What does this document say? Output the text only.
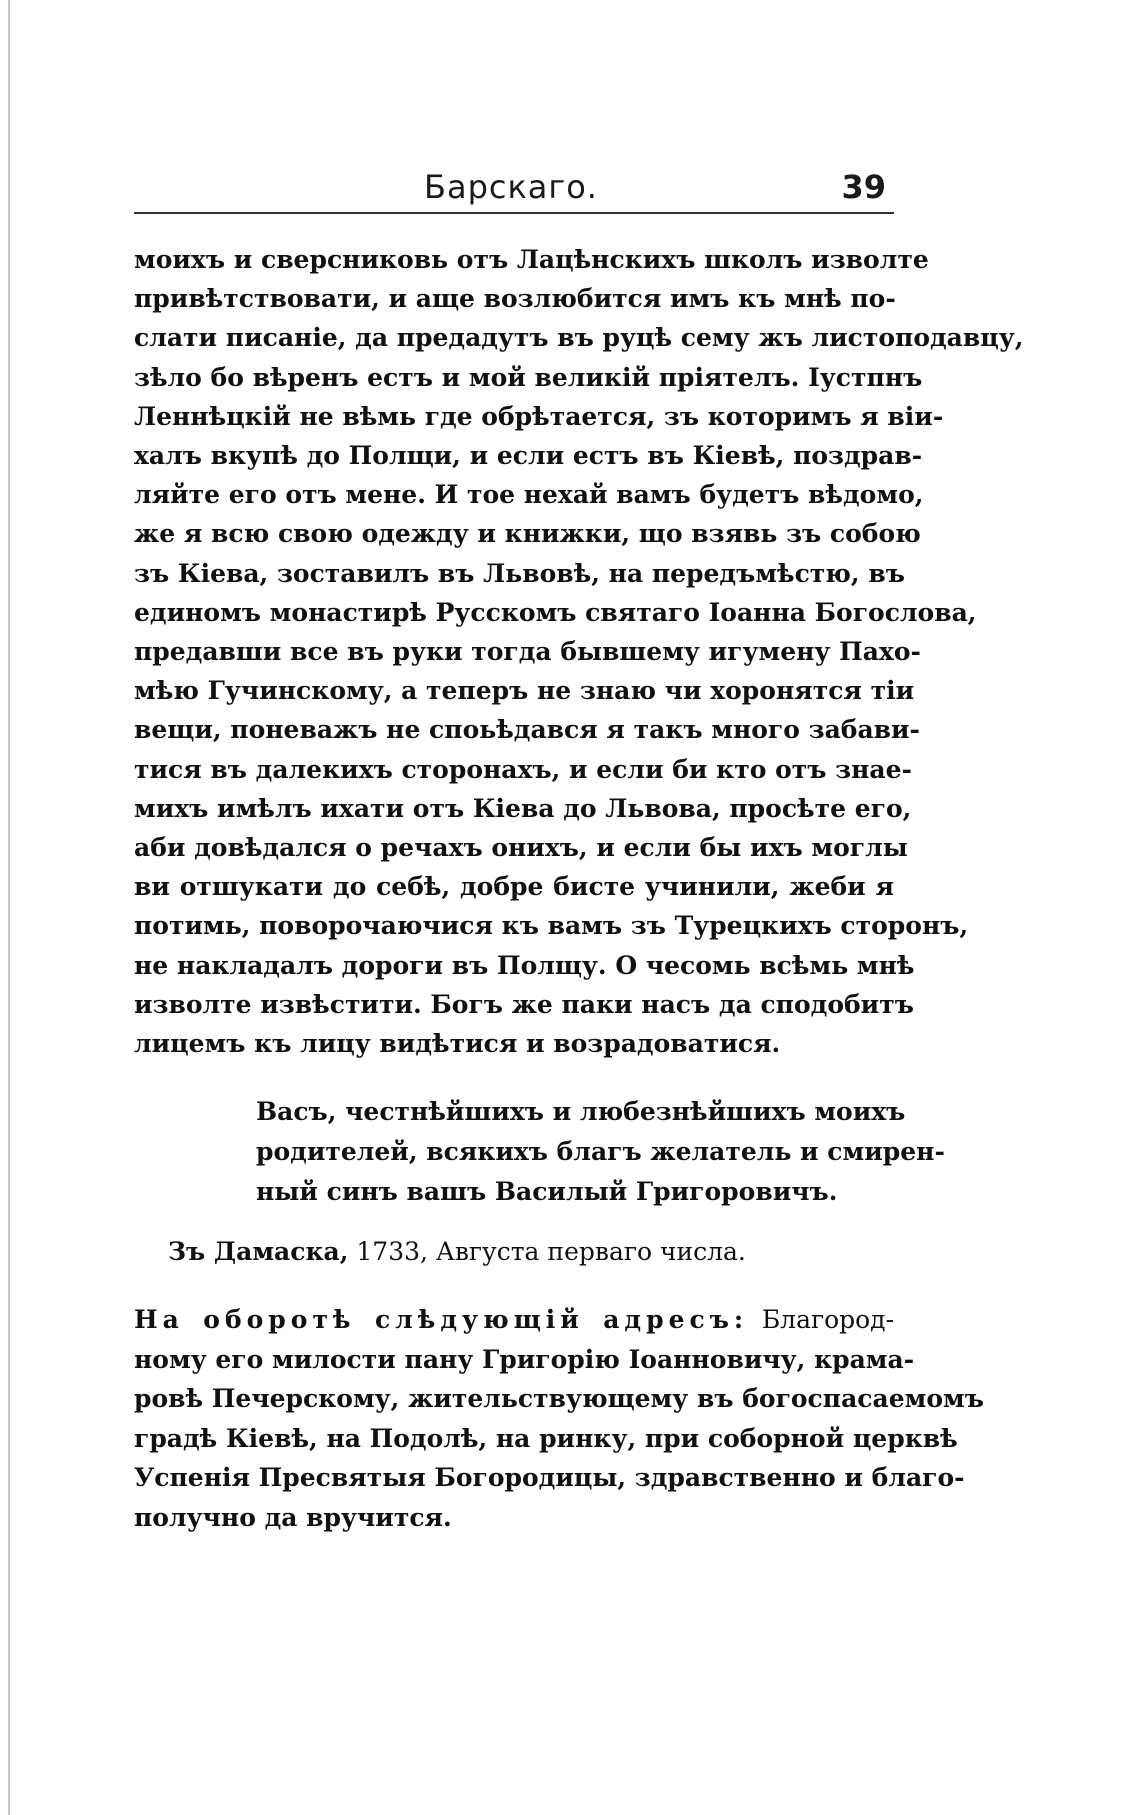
Барскаго.	39
моихъ и сверсниковь отъ Лацѣнскихъ школъ изволте
привѣтствовати, и аще возлюбится имъ къ мнѣ по-
слати писаніе, да предадутъ въ руцѣ сему жъ листоподавцу,
зѣло бо вѣренъ естъ и мой великій пріятелъ. Іустпнъ
Леннѣцкій не вѣмь где обрѣтается, зъ которимъ я віи-
халъ вкупѣ до Полщи, и если естъ въ Кіевѣ, поздрав-
ляйте его отъ мене. И тое нехай вамъ будетъ вѣдомо,
же я всю свою одежду и книжки, що взявь зъ собою
зъ Кіева, зоставилъ въ Львовѣ, на передъмѣстю, въ
единомъ монастирѣ Русскомъ святаго Іоанна Богослова,
предавши все въ руки тогда бывшему игумену Пахо-
мѣю Гучинскому, а теперъ не знаю чи хоронятся тіи
вещи, поневажъ не споьѣдався я такъ много забави-
тися въ далекихъ сторонахъ, и если би кто отъ знае-
михъ имѣлъ ихати отъ Кіева до Львова, просѣте его,
аби довѣдался о речахъ онихъ, и если бы ихъ моглы
ви отшукати до себѣ, добре бисте учинили, жеби я
потимь, поворочаючися къ вамъ зъ Турецкихъ сторонъ,
не накладалъ дороги въ Полщу. О чесомь всѣмь мнѣ
изволте извѣстити. Богъ же паки насъ да сподобитъ
лицемъ къ лицу видѣтися и возрадоватися.
Васъ, честнѣйшихъ и любезнѣйшихъ моихъ
родителей, всякихъ благъ желатель и смирен-
ный синъ вашъ Василый Григоровичъ.
Зъ Дамаска, 1733, Августа перваго числа.
На оборотѣ слѣдующій адресъ: Благород-
ному его милости пану Григорію Іоанновичу, крама-
ровѣ Печерскому, жительствующему въ богоспасаемомъ
градѣ Кіевѣ, на Подолѣ, на ринку, при соборной церквѣ
Успенія Пресвятыя Богородицы, здравственно и благо-
получно да вручится.
